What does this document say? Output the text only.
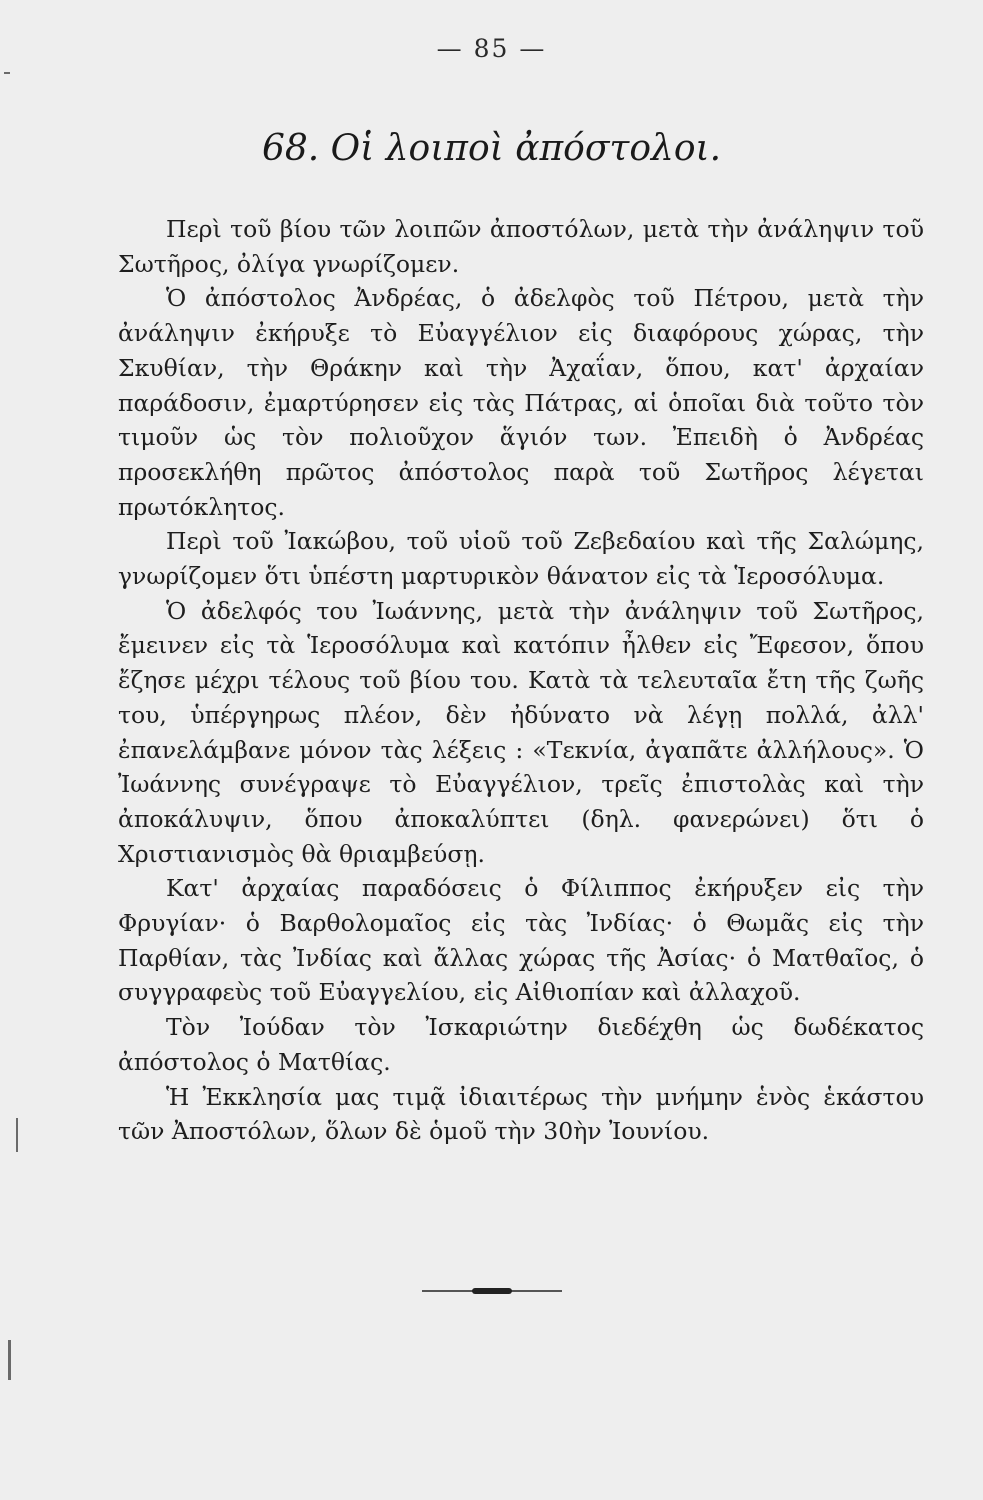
— 85 —
68. Οἱ λοιποὶ ἀπόστολοι.

Περὶ τοῦ βίου τῶν λοιπῶν ἀποστόλων, μετὰ τὴν ἀνάληψιν τοῦ Σωτῆρος, ὀλίγα γνωρίζομεν.

Ὁ ἀπόστολος Ἀνδρέας, ὁ ἀδελφὸς τοῦ Πέτρου, μετὰ τὴν ἀνάληψιν ἐκήρυξε τὸ Εὐαγγέλιον εἰς διαφόρους χώρας, τὴν Σκυθίαν, τὴν Θράκην καὶ τὴν Ἀχαΐαν, ὅπου, κατ' ἀρχαίαν παράδοσιν, ἐμαρτύρησεν εἰς τὰς Πάτρας, αἱ ὁποῖαι διὰ τοῦτο τὸν τιμοῦν ὡς τὸν πολιοῦχον ἅγιόν των. Ἐπειδὴ ὁ Ἀνδρέας προσεκλήθη πρῶτος ἀπόστολος παρὰ τοῦ Σωτῆρος λέγεται πρωτόκλητος.

Περὶ τοῦ Ἰακώβου, τοῦ υἱοῦ τοῦ Ζεβεδαίου καὶ τῆς Σαλώμης, γνωρίζομεν ὅτι ὑπέστη μαρτυρικὸν θάνατον εἰς τὰ Ἱεροσόλυμα.

Ὁ ἀδελφός του Ἰωάννης, μετὰ τὴν ἀνάληψιν τοῦ Σωτῆρος, ἔμεινεν εἰς τὰ Ἱεροσόλυμα καὶ κατόπιν ἦλθεν εἰς Ἔφεσον, ὅπου ἔζησε μέχρι τέλους τοῦ βίου του. Κατὰ τὰ τελευταῖα ἔτη τῆς ζωῆς του, ὑπέργηρως πλέον, δὲν ἠδύνατο νὰ λέγῃ πολλά, ἀλλ' ἐπανελάμβανε μόνον τὰς λέξεις : «Τεκνία, ἀγαπᾶτε ἀλλήλους». Ὁ Ἰωάννης συνέγραψε τὸ Εὐαγγέλιον, τρεῖς ἐπιστολὰς καὶ τὴν ἀποκάλυψιν, ὅπου ἀποκαλύπτει (δηλ. φανερώνει) ὅτι ὁ Χριστιανισμὸς θὰ θριαμβεύσῃ.

Κατ' ἀρχαίας παραδόσεις ὁ Φίλιππος ἐκήρυξεν εἰς τὴν Φρυγίαν· ὁ Βαρθολομαῖος εἰς τὰς Ἰνδίας· ὁ Θωμᾶς εἰς τὴν Παρθίαν, τὰς Ἰνδίας καὶ ἄλλας χώρας τῆς Ἀσίας· ὁ Ματθαῖος, ὁ συγγραφεὺς τοῦ Εὐαγγελίου, εἰς Αἰθιοπίαν καὶ ἀλλαχοῦ.

Τὸν Ἰούδαν τὸν Ἰσκαριώτην διεδέχθη ὡς δωδέκατος ἀπόστολος ὁ Ματθίας.

Ἡ Ἐκκλησία μας τιμᾷ ἰδιαιτέρως τὴν μνήμην ἑνὸς ἑκάστου τῶν Ἀποστόλων, ὅλων δὲ ὁμοῦ τὴν 30ὴν Ἰουνίου.
